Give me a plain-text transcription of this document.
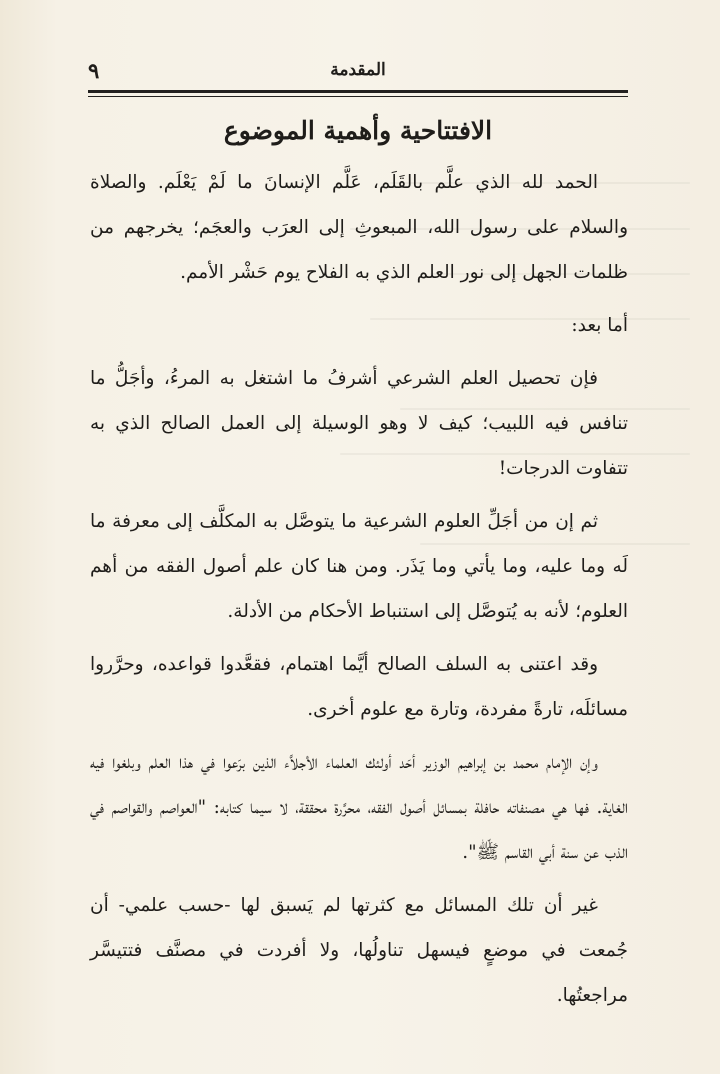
المقدمة
٩
الافتتاحية وأهمية الموضوع

الحمد لله الذي علَّم بالقَلَم، عَلَّم الإنسانَ ما لَمْ يَعْلَم. والصلاة والسلام على رسول الله، المبعوثِ إلى العرَب والعجَم؛ يخرجهم من ظلمات الجهل إلى نور العلم الذي به الفلاح يوم حَشْر الأمم.

أما بعد:

فإن تحصيل العلم الشرعي أشرفُ ما اشتغل به المرءُ، وأجَلُّ ما تنافس فيه اللبيب؛ كيف لا وهو الوسيلة إلى العمل الصالح الذي به تتفاوت الدرجات!

ثم إن من أجَلِّ العلوم الشرعية ما يتوصَّل به المكلَّف إلى معرفة ما لَه وما عليه، وما يأتي وما يَذَر. ومن هنا كان علم أصول الفقه من أهم العلوم؛ لأنه به يُتوصَّل إلى استنباط الأحكام من الأدلة.

وقد اعتنى به السلف الصالح أيَّما اهتمام، فقعَّدوا قواعده، وحرَّروا مسائلَه، تارةً مفردة، وتارة مع علوم أخرى.

وإن الإمام محمد بن إبراهيم الوزير أحَد أولئك العلماء الأجلاَّء الذين برَعوا في هذا العلم وبلغوا فيه الغاية. فها هي مصنفاته حافلة بمسائل أصول الفقه، محرَّرة محققة، لا سيما كتابه: "العواصم والقواصم في الذب عن سنة أبي القاسم ﷺ".

غير أن تلك المسائل مع كثرتها لم يَسبق لها -حسب علمي- أن جُمعت في موضعٍ فيسهل تناولُها، ولا أفردت في مصنَّف فتتيسَّر مراجعتُها.
